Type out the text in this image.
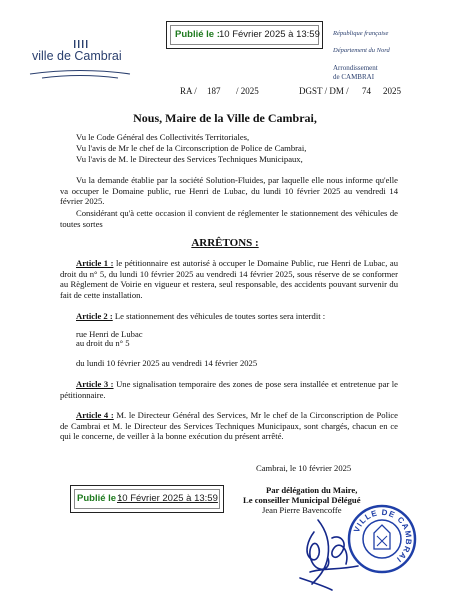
Publié le : 10 Février 2025 à 13:59
ville de Cambrai
République française
Département du Nord
Arrondissement
de CAMBRAI
RA / 187 / 2025	DGST / DM / 74 2025
Nous, Maire de la Ville de Cambrai,
Vu le Code Général des Collectivités Territoriales,
Vu l'avis de Mr le chef de la Circonscription de Police de Cambrai,
Vu l'avis de M. le Directeur des Services Techniques Municipaux,
Vu la demande établie par la société Solution-Fluides, par laquelle elle nous informe qu'elle va occuper le Domaine public, rue Henri de Lubac, du lundi 10 février 2025 au vendredi 14 février 2025.
Considérant qu'à cette occasion il convient de réglementer le stationnement des véhicules de toutes sortes
ARRÊTONS :
Article 1 : le pétitionnaire est autorisé à occuper le Domaine Public, rue Henri de Lubac, au droit du n° 5, du lundi 10 février 2025 au vendredi 14 février 2025, sous réserve de se conformer au Règlement de Voirie en vigueur et restera, seul responsable, des accidents pouvant survenir du fait de cette installation.
Article 2 : Le stationnement des véhicules de toutes sortes sera interdit :
rue Henri de Lubac
au droit du n° 5
du lundi 10 février 2025 au vendredi 14 février 2025
Article 3 : Une signalisation temporaire des zones de pose sera installée et entretenue par le pétitionnaire.
Article 4 : M. le Directeur Général des Services, Mr le chef de la Circonscription de Police de Cambrai et M. le Directeur des Services Techniques Municipaux, sont chargés, chacun en ce qui le concerne, de veiller à la bonne exécution du présent arrêté.
Publié le :
10 Février 2025 à 13:59
Cambrai, le 10 février 2025
Par délégation du Maire,
Le conseiller Municipal Délégué
Jean Pierre Bavencoffe
VILLE DE CAMBRAI
